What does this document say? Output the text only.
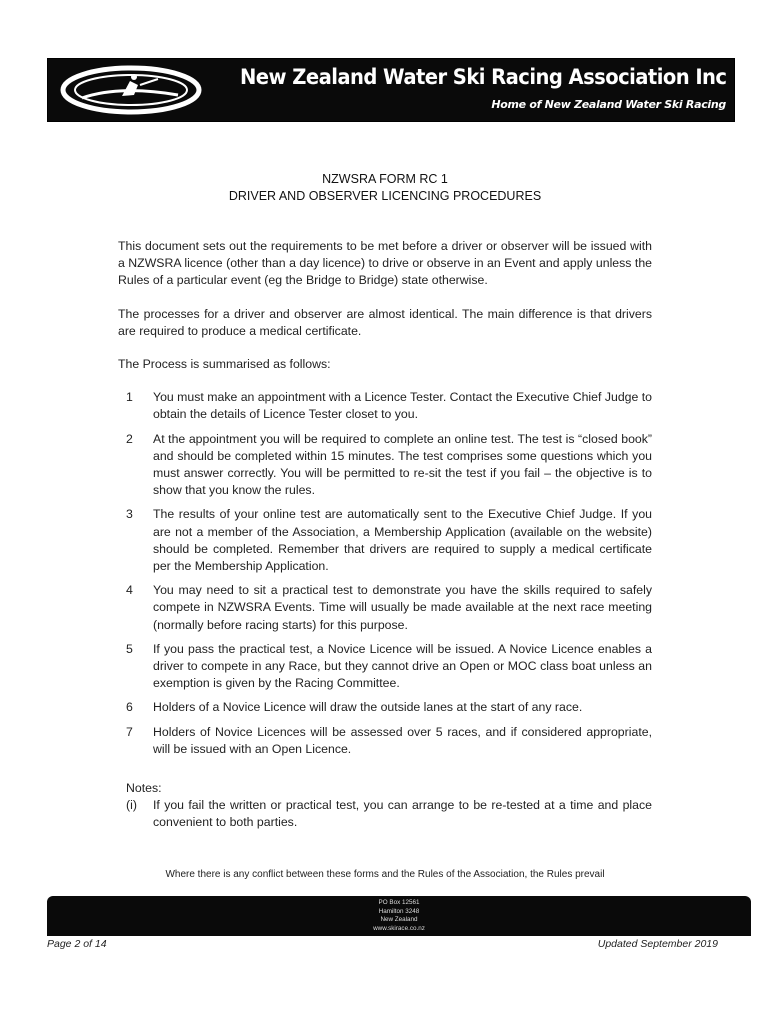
New Zealand Water Ski Racing Association Inc
Home of New Zealand Water Ski Racing
NZWSRA FORM RC 1
DRIVER AND OBSERVER LICENCING PROCEDURES

This document sets out the requirements to be met before a driver or observer will be issued with a NZWSRA licence (other than a day licence) to drive or observe in an Event and apply unless the Rules of a particular event (eg the Bridge to Bridge) state otherwise.

The processes for a driver and observer are almost identical. The main difference is that drivers are required to produce a medical certificate.

The Process is summarised as follows:

1 You must make an appointment with a Licence Tester. Contact the Executive Chief Judge to obtain the details of Licence Tester closet to you.
2 At the appointment you will be required to complete an online test. The test is “closed book” and should be completed within 15 minutes. The test comprises some questions which you must answer correctly. You will be permitted to re-sit the test if you fail – the objective is to show that you know the rules.
3 The results of your online test are automatically sent to the Executive Chief Judge. If you are not a member of the Association, a Membership Application (available on the website) should be completed. Remember that drivers are required to supply a medical certificate per the Membership Application.
4 You may need to sit a practical test to demonstrate you have the skills required to safely compete in NZWSRA Events. Time will usually be made available at the next race meeting (normally before racing starts) for this purpose.
5 If you pass the practical test, a Novice Licence will be issued. A Novice Licence enables a driver to compete in any Race, but they cannot drive an Open or MOC class boat unless an exemption is given by the Racing Committee.
6 Holders of a Novice Licence will draw the outside lanes at the start of any race.
7 Holders of Novice Licences will be assessed over 5 races, and if considered appropriate, will be issued with an Open Licence.
Notes:
(i) If you fail the written or practical test, you can arrange to be re-tested at a time and place convenient to both parties.
Where there is any conflict between these forms and the Rules of the Association, the Rules prevail
PO Box 12561
Hamilton 3248
New Zealand
www.skirace.co.nz
Page 2 of 14	Updated September 2019
